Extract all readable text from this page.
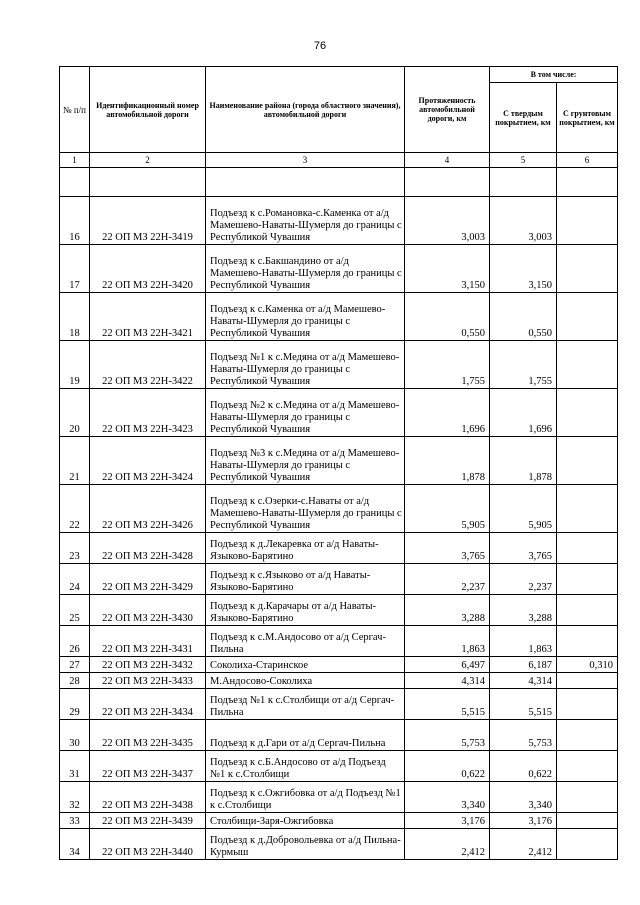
76
№ п/п	Идентификационный номер автомобильной дороги	Наименование района (города областного значения), автомобильной дороги	Протяженность автомобильной дороги, км	В том числе:	
				С твердым покрытием, км	С грунтовым покрытием, км
1	2	3	4	5	6

16	22 ОП МЗ 22Н-3419	Подъезд к с.Романовка-с.Каменка от а/д Мамешево-Наваты-Шумерля до границы с Республикой Чувашия	3,003	3,003	
17	22 ОП МЗ 22Н-3420	Подъезд к с.Бакшандино от а/д Мамешево-Наваты-Шумерля до границы с Республикой Чувашия	3,150	3,150	
18	22 ОП МЗ 22Н-3421	Подъезд к с.Каменка от а/д Мамешево-Наваты-Шумерля до границы с Республикой Чувашия	0,550	0,550	
19	22 ОП МЗ 22Н-3422	Подъезд №1 к с.Медяна от а/д Мамешево-Наваты-Шумерля до границы с Республикой Чувашия	1,755	1,755	
20	22 ОП МЗ 22Н-3423	Подъезд №2 к с.Медяна от а/д Мамешево-Наваты-Шумерля до границы с Республикой Чувашия	1,696	1,696	
21	22 ОП МЗ 22Н-3424	Подъезд №3 к с.Медяна от а/д Мамешево-Наваты-Шумерля до границы с Республикой Чувашия	1,878	1,878	
22	22 ОП МЗ 22Н-3426	Подъезд к с.Озерки-с.Наваты от а/д Мамешево-Наваты-Шумерля до границы с Республикой Чувашия	5,905	5,905	
23	22 ОП МЗ 22Н-3428	Подъезд к д.Лекаревка от а/д Наваты-Языково-Барятино	3,765	3,765	
24	22 ОП МЗ 22Н-3429	Подъезд к с.Языково от а/д Наваты-Языково-Барятино	2,237	2,237	
25	22 ОП МЗ 22Н-3430	Подъезд к д.Карачары от а/д Наваты-Языково-Барятино	3,288	3,288	
26	22 ОП МЗ 22Н-3431	Подъезд к с.М.Андосово от а/д Сергач-Пильна	1,863	1,863	
27	22 ОП МЗ 22Н-3432	Соколиха-Старинское	6,497	6,187	0,310
28	22 ОП МЗ 22Н-3433	М.Андосово-Соколиха	4,314	4,314	
29	22 ОП МЗ 22Н-3434	Подъезд №1 к с.Столбищи от а/д Сергач-Пильна	5,515	5,515	
30	22 ОП МЗ 22Н-3435	Подъезд к д.Гари от а/д Сергач-Пильна	5,753	5,753	
31	22 ОП МЗ 22Н-3437	Подъезд к с.Б.Андосово от а/д Подъезд №1 к с.Столбищи	0,622	0,622	
32	22 ОП МЗ 22Н-3438	Подъезд к с.Ожгибовка от а/д Подъезд №1 к с.Столбищи	3,340	3,340	
33	22 ОП МЗ 22Н-3439	Столбищи-Заря-Ожгибовка	3,176	3,176	
34	22 ОП МЗ 22Н-3440	Подъезд к д.Добровольевка от а/д Пильна-Курмыш	2,412	2,412	
